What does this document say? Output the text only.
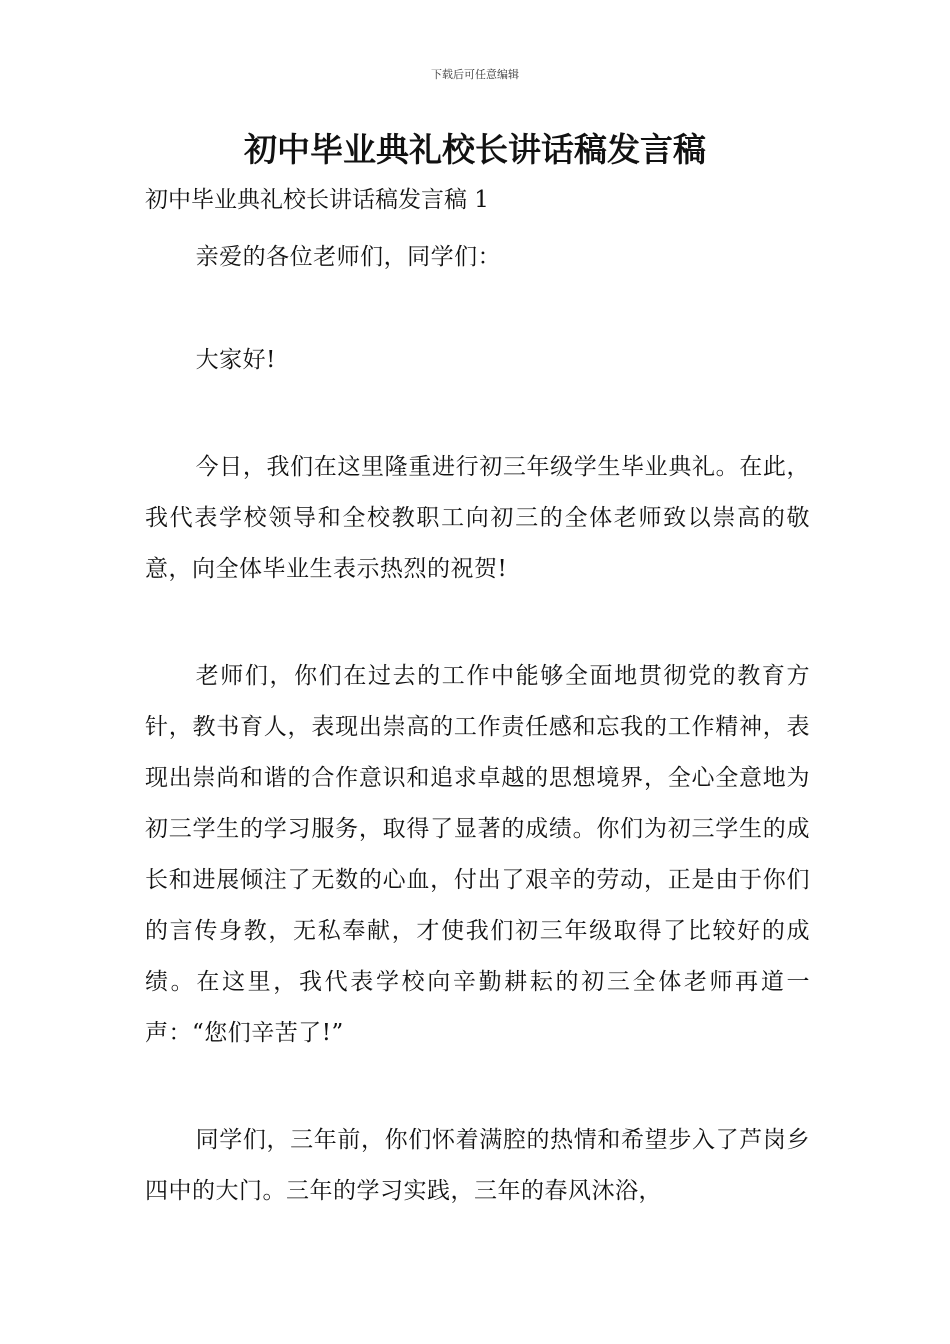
下载后可任意编辑
初中毕业典礼校长讲话稿发言稿
初中毕业典礼校长讲话稿发言稿 1

亲爱的各位老师们，同学们：

大家好!

今日，我们在这里隆重进行初三年级学生毕业典礼。在此，我代表学校领导和全校教职工向初三的全体老师致以崇高的敬意，向全体毕业生表示热烈的祝贺!

老师们，你们在过去的工作中能够全面地贯彻党的教育方针，教书育人，表现出崇高的工作责任感和忘我的工作精神，表现出崇尚和谐的合作意识和追求卓越的思想境界，全心全意地为初三学生的学习服务，取得了显著的成绩。你们为初三学生的成长和进展倾注了无数的心血，付出了艰辛的劳动，正是由于你们的言传身教，无私奉献，才使我们初三年级取得了比较好的成绩。在这里，我代表学校向辛勤耕耘的初三全体老师再道一声：“您们辛苦了!”

同学们，三年前，你们怀着满腔的热情和希望步入了芦岗乡四中的大门。三年的学习实践，三年的春风沐浴，
